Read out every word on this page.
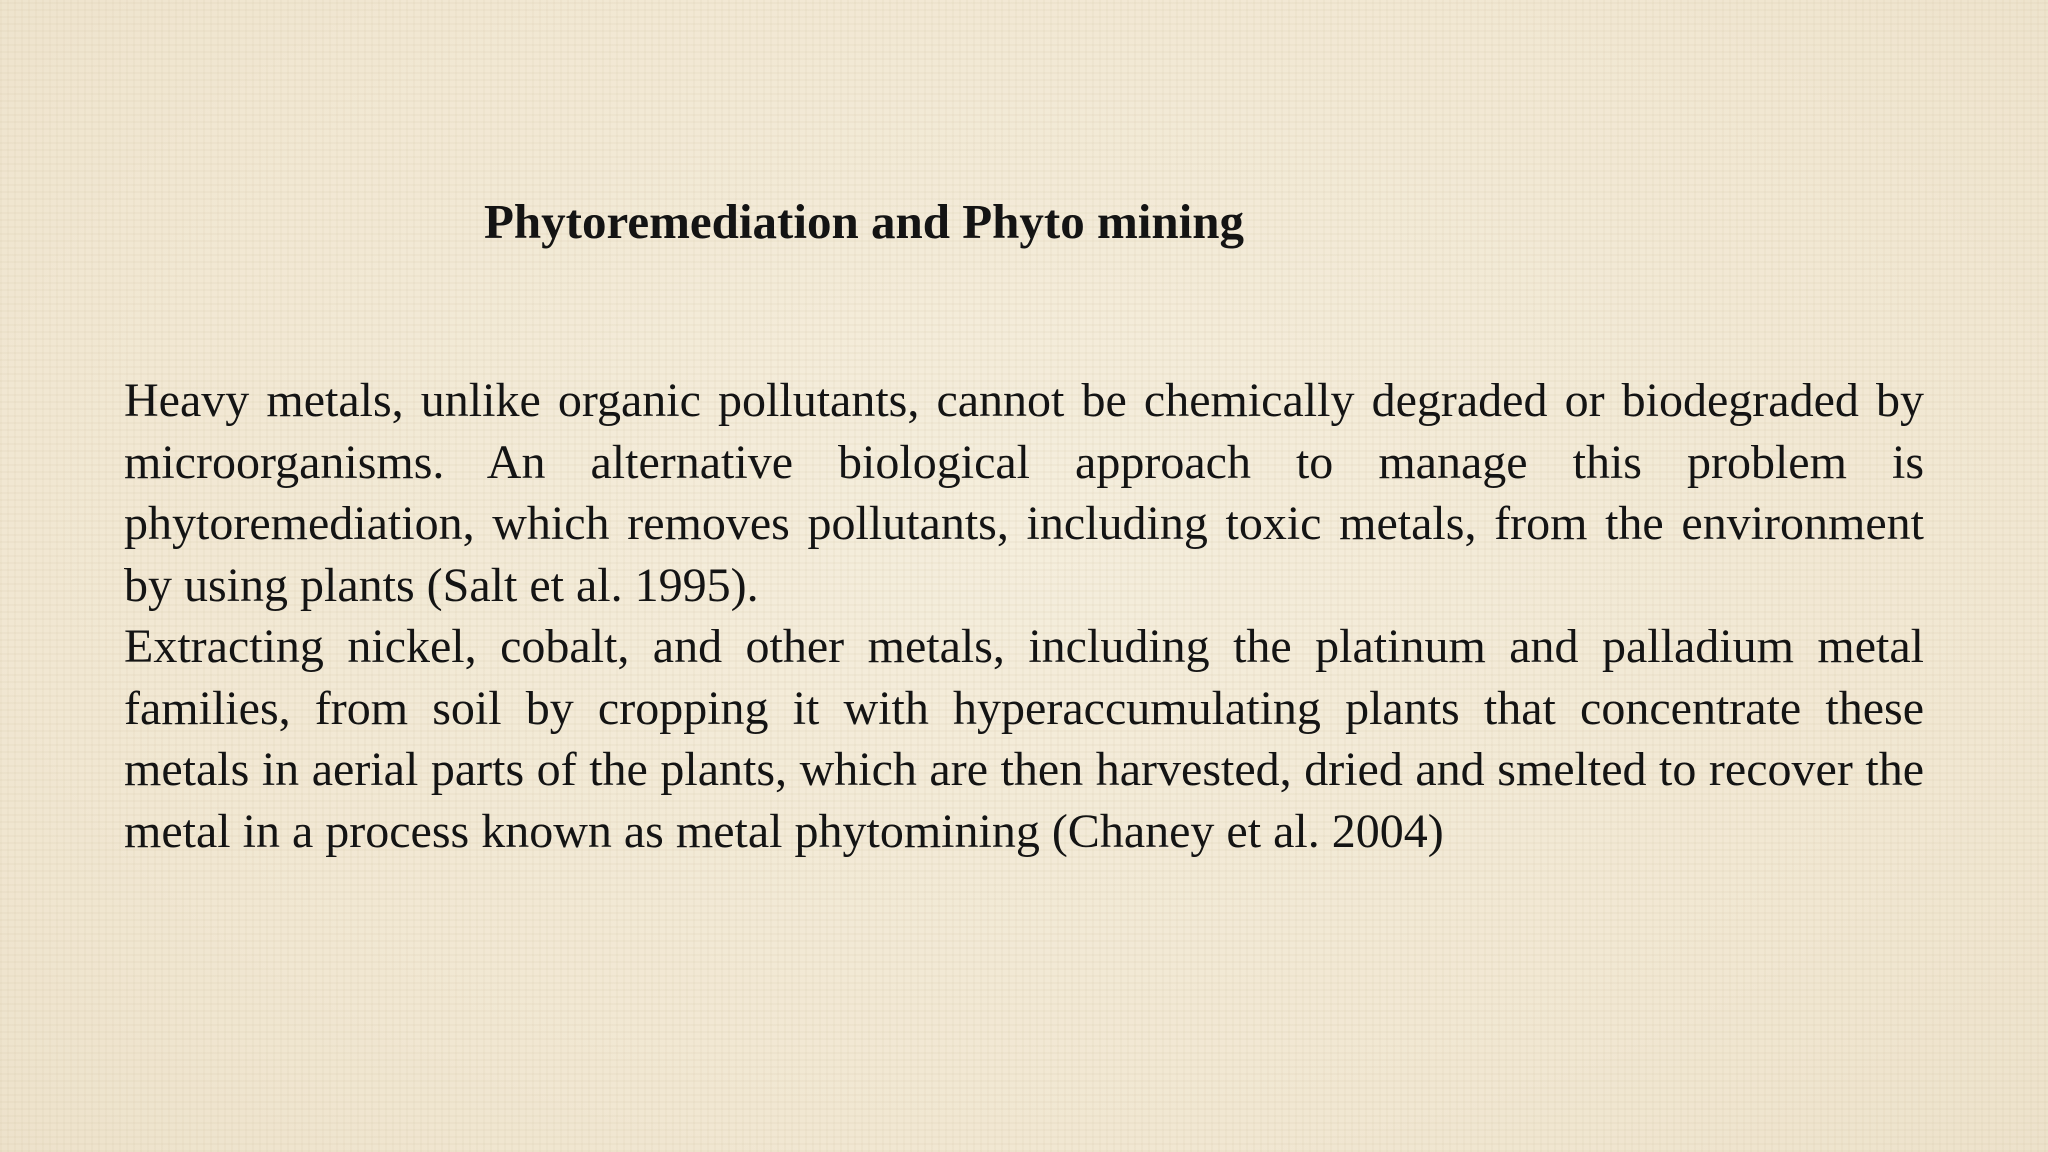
Phytoremediation and Phyto mining

Heavy metals, unlike organic pollutants, cannot be chemically degraded or biodegraded by microorganisms. An alternative biological approach to manage this problem is phytoremediation, which removes pollutants, including toxic metals, from the environment by using plants (Salt et al. 1995).

Extracting nickel, cobalt, and other metals, including the platinum and palladium metal families, from soil by cropping it with hyperaccumulating plants that concentrate these metals in aerial parts of the plants, which are then harvested, dried and smelted to recover the metal in a process known as metal phytomining (Chaney et al. 2004)
